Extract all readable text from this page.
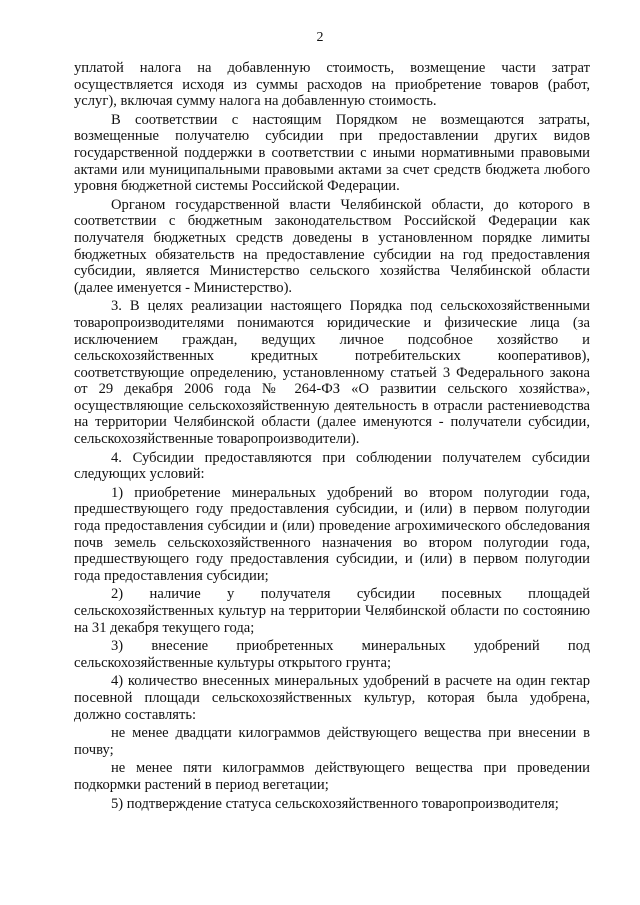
2

уплатой налога на добавленную стоимость, возмещение части затрат осуществляется исходя из суммы расходов на приобретение товаров (работ, услуг), включая сумму налога на добавленную стоимость.

В соответствии с настоящим Порядком не возмещаются затраты, возмещенные получателю субсидии при предоставлении других видов государственной поддержки в соответствии с иными нормативными правовыми актами или муниципальными правовыми актами за счет средств бюджета любого уровня бюджетной системы Российской Федерации.

Органом государственной власти Челябинской области, до которого в соответствии с бюджетным законодательством Российской Федерации как получателя бюджетных средств доведены в установленном порядке лимиты бюджетных обязательств на предоставление субсидии на год предоставления субсидии, является Министерство сельского хозяйства Челябинской области (далее именуется - Министерство).

3. В целях реализации настоящего Порядка под сельскохозяйственными товаропроизводителями понимаются юридические и физические лица (за исключением граждан, ведущих личное подсобное хозяйство и сельскохозяйственных кредитных потребительских кооперативов), соответствующие определению, установленному статьей 3 Федерального закона от 29 декабря 2006 года № 264-ФЗ «О развитии сельского хозяйства», осуществляющие сельскохозяйственную деятельность в отрасли растениеводства на территории Челябинской области (далее именуются - получатели субсидии, сельскохозяйственные товаропроизводители).

4. Субсидии предоставляются при соблюдении получателем субсидии следующих условий:

1) приобретение минеральных удобрений во втором полугодии года, предшествующего году предоставления субсидии, и (или) в первом полугодии года предоставления субсидии и (или) проведение агрохимического обследования почв земель сельскохозяйственного назначения во втором полугодии года, предшествующего году предоставления субсидии, и (или) в первом полугодии года предоставления субсидии;

2) наличие у получателя субсидии посевных площадей сельскохозяйственных культур на территории Челябинской области по состоянию на 31 декабря текущего года;

3) внесение приобретенных минеральных удобрений под сельскохозяйственные культуры открытого грунта;

4) количество внесенных минеральных удобрений в расчете на один гектар посевной площади сельскохозяйственных культур, которая была удобрена, должно составлять:

не менее двадцати килограммов действующего вещества при внесении в почву;

не менее пяти килограммов действующего вещества при проведении подкормки растений в период вегетации;

5) подтверждение статуса сельскохозяйственного товаропроизводителя;
